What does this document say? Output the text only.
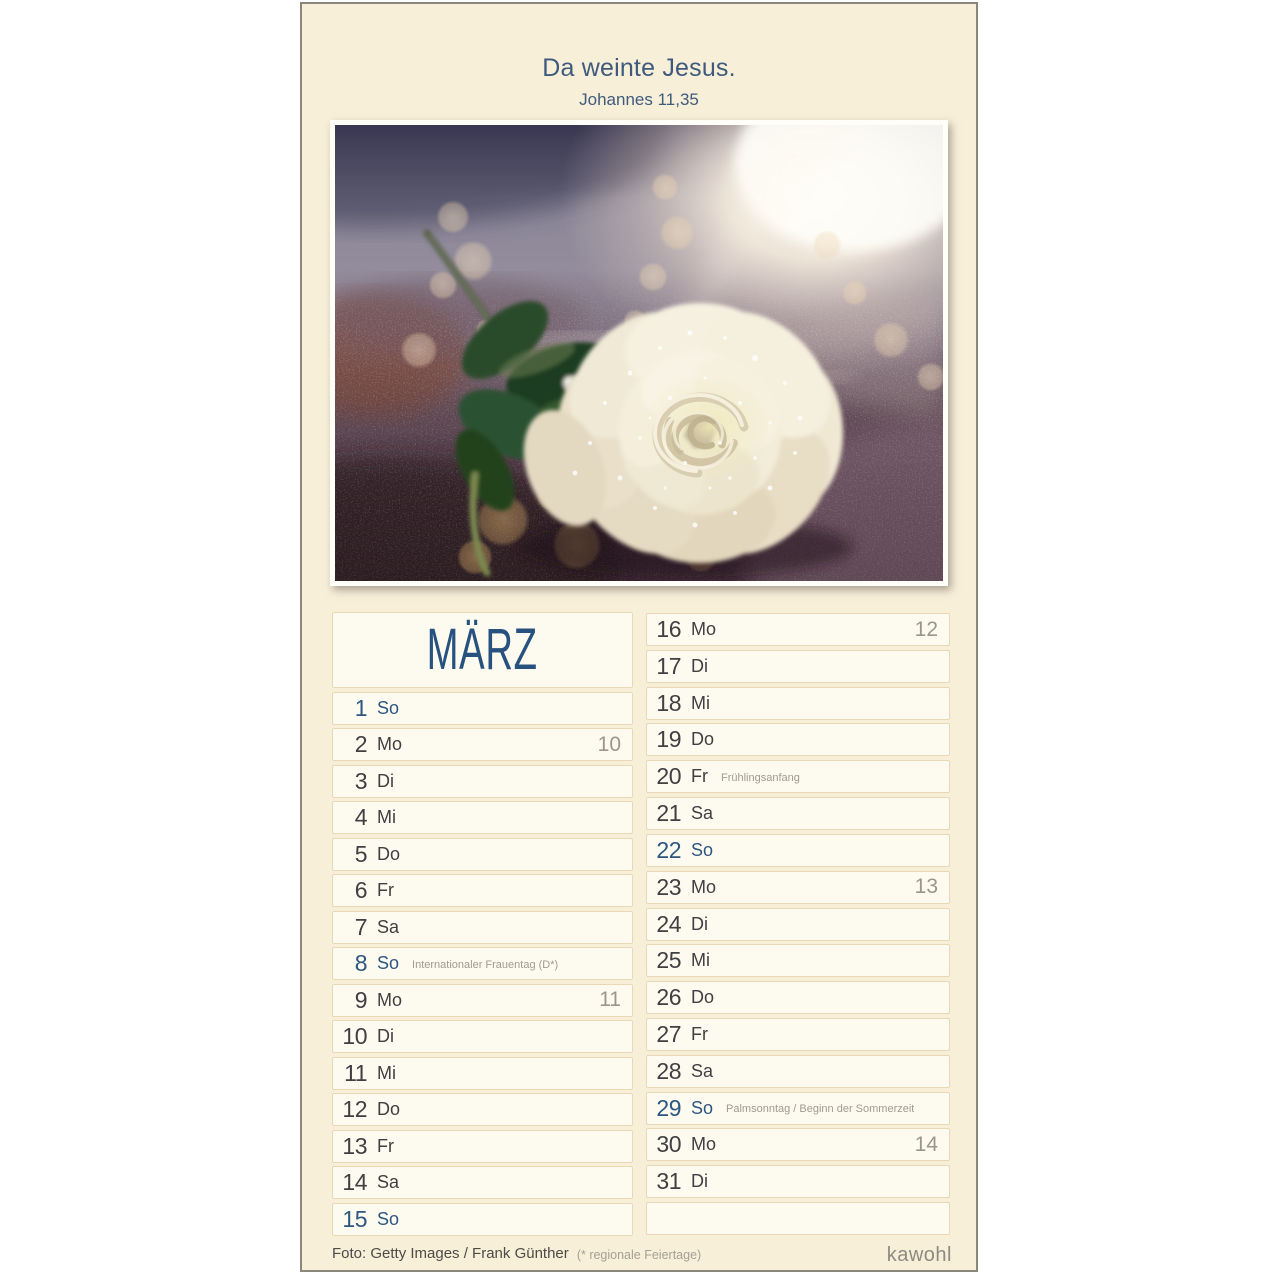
Da weinte Jesus.
Johannes 11,35
MÄRZ
1 So
2 Mo	10
3 Di
4 Mi
5 Do
6 Fr
7 Sa
8 So Internationaler Frauentag (D*)
9 Mo	11
10 Di
11 Mi
12 Do
13 Fr
14 Sa
15 So
16 Mo	12
17 Di
18 Mi
19 Do
20 Fr Frühlingsanfang
21 Sa
22 So
23 Mo	13
24 Di
25 Mi
26 Do
27 Fr
28 Sa
29 So Palmsonntag / Beginn der Sommerzeit
30 Mo	14
31 Di
Foto: Getty Images / Frank Günther (* regionale Feiertage)	kawohl
